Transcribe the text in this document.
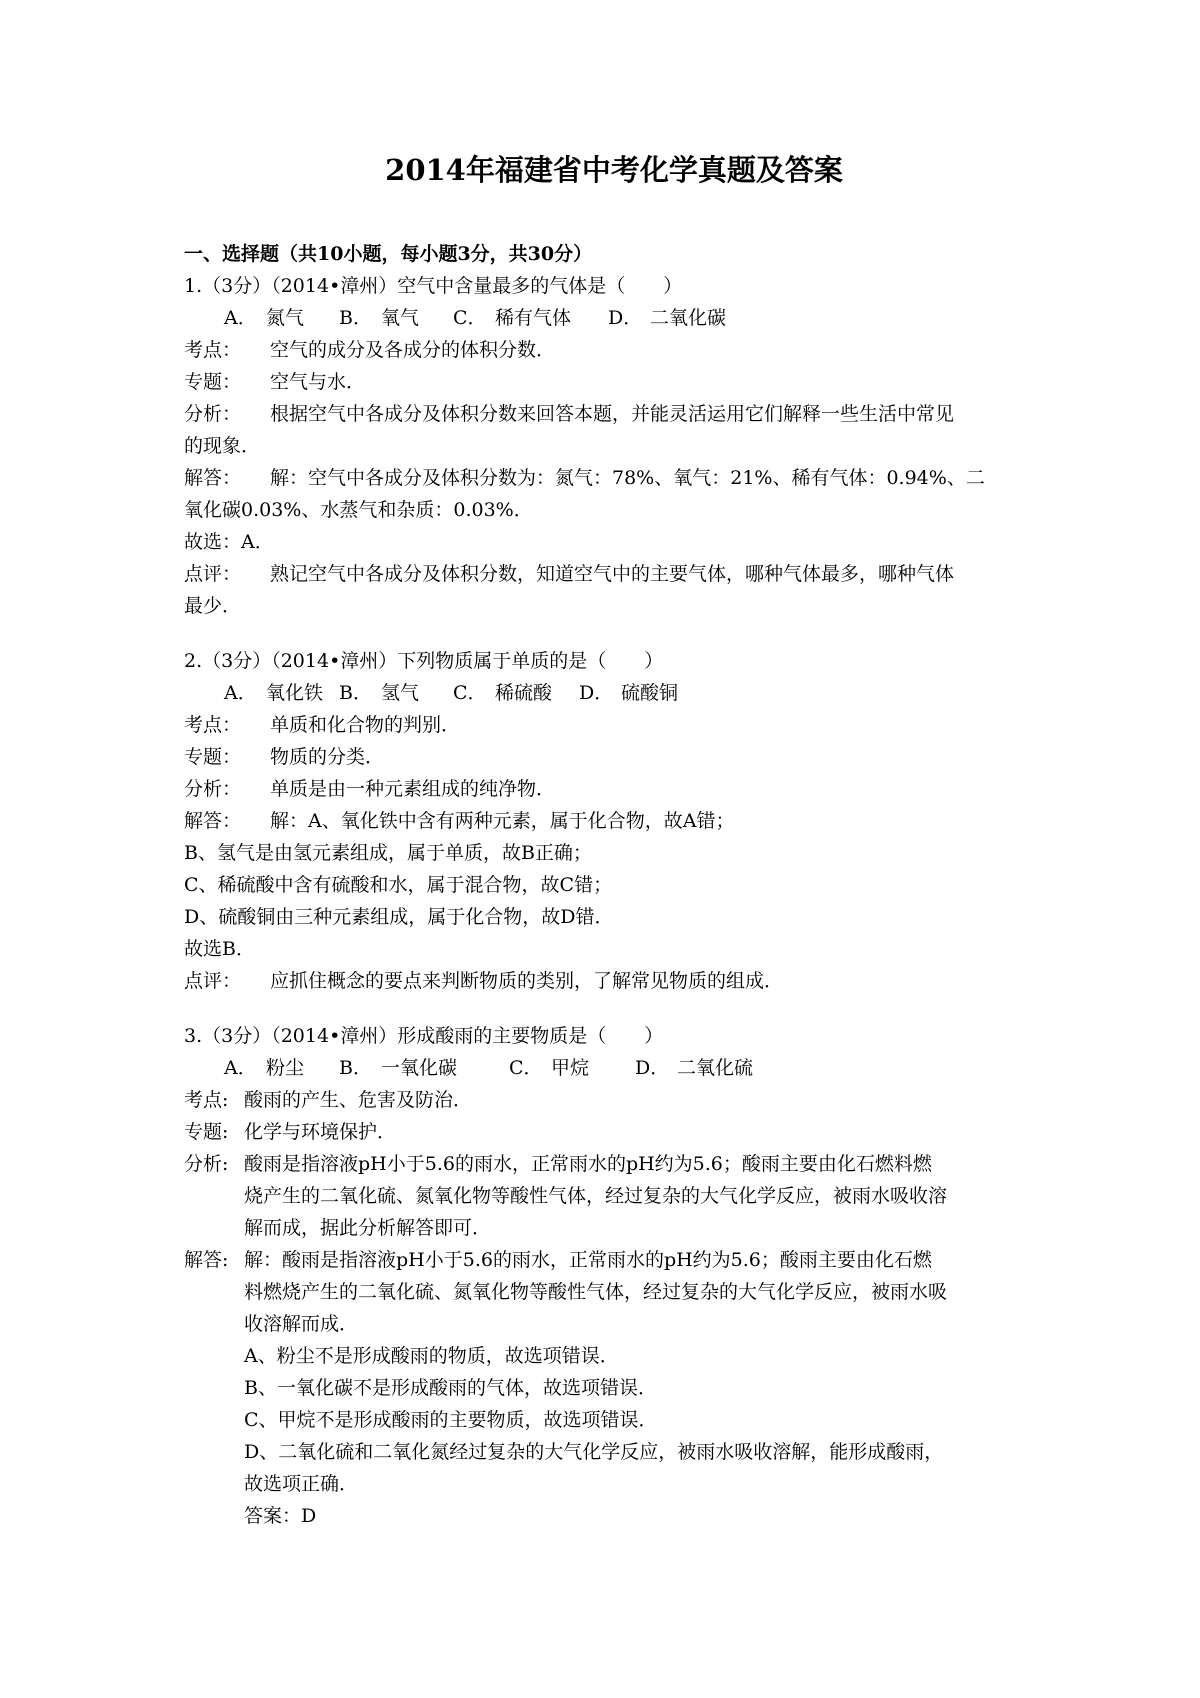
2014年福建省中考化学真题及答案

一、选择题（共10小题，每小题3分，共30分）

1.（3分）（2014•漳州）空气中含量最多的气体是（　　）

A． 氮气	B． 氧气	C． 稀有气体	D． 二氧化碳
考点：	空气的成分及各成分的体积分数．
专题：	空气与水．

分析： 根据空气中各成分及体积分数来回答本题，并能灵活运用它们解释一些生活中常见

的现象．

解答： 解：空气中各成分及体积分数为：氮气：78%、氧气：21%、稀有气体：0.94%、二

氧化碳0.03%、水蒸气和杂质：0.03%．

故选：A．

点评： 熟记空气中各成分及体积分数，知道空气中的主要气体，哪种气体最多，哪种气体

最少．

2.（3分）（2014•漳州）下列物质属于单质的是（　　）

A． 氧化铁 B． 氢气	C． 稀硫酸	D． 硫酸铜
考点：	单质和化合物的判别．
专题：	物质的分类．
分析：	单质是由一种元素组成的纯净物．

解答： 解：A、氧化铁中含有两种元素，属于化合物，故A错；

B、氢气是由氢元素组成，属于单质，故B正确；

C、稀硫酸中含有硫酸和水，属于混合物，故C错；

D、硫酸铜由三种元素组成，属于化合物，故D错．

故选B．

点评：	应抓住概念的要点来判断物质的类别，了解常见物质的组成．

3.（3分）（2014•漳州）形成酸雨的主要物质是（　　）

A． 粉尘	B． 一氧化碳	C． 甲烷	D． 二氧化硫
考点: 酸雨的产生、危害及防治．
专题: 化学与环境保护．
分析: 酸雨是指溶液pH小于5.6的雨水，正常雨水的pH约为5.6；酸雨主要由化石燃料燃
烧产生的二氧化硫、氮氧化物等酸性气体，经过复杂的大气化学反应，被雨水吸收溶
解而成，据此分析解答即可．
解答: 解：酸雨是指溶液pH小于5.6的雨水，正常雨水的pH约为5.6；酸雨主要由化石燃
料燃烧产生的二氧化硫、氮氧化物等酸性气体，经过复杂的大气化学反应，被雨水吸
收溶解而成．
A、粉尘不是形成酸雨的物质，故选项错误．
B、一氧化碳不是形成酸雨的气体，故选项错误．
C、甲烷不是形成酸雨的主要物质，故选项错误．
D、二氧化硫和二氧化氮经过复杂的大气化学反应，被雨水吸收溶解，能形成酸雨，
故选项正确．
答案：D
